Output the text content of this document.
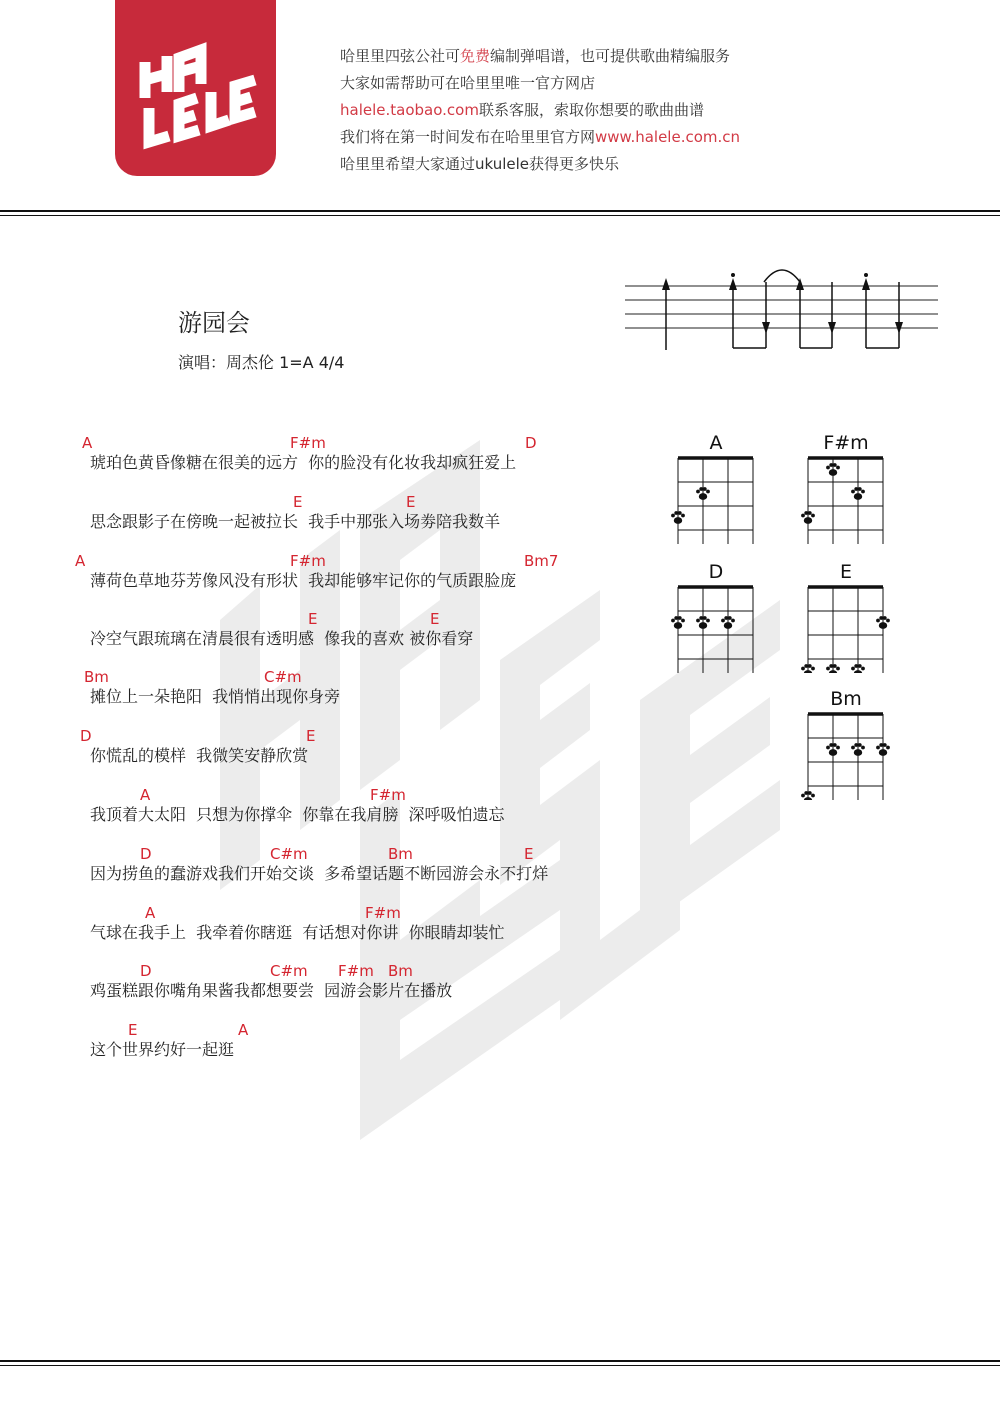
哈里里四弦公社可免费编制弹唱谱，也可提供歌曲精编服务
大家如需帮助可在哈里里唯一官方网店
halele.taobao.com联系客服，索取你想要的歌曲曲谱
我们将在第一时间发布在哈里里官方网www.halele.com.cn
哈里里希望大家通过ukulele获得更多快乐
游园会
演唱：周杰伦 1=A 4/4
A	F#m	D
琥珀色黄昏像糖在很美的远方  你的脸没有化妆我却疯狂爱上
E	E
思念跟影子在傍晚一起被拉长  我手中那张入场劵陪我数羊
A	F#m	Bm7
薄荷色草地芬芳像风没有形状  我却能够牢记你的气质跟脸庞
E	E
冷空气跟琉璃在清晨很有透明感  像我的喜欢 被你看穿
Bm	C#m
摊位上一朵艳阳  我悄悄出现你身旁
D	E
你慌乱的模样  我微笑安静欣赏
A	F#m
我顶着大太阳  只想为你撑伞  你靠在我肩膀  深呼吸怕遗忘
D	C#m	Bm	E
因为捞鱼的蠢游戏我们开始交谈  多希望话题不断园游会永不打烊
A	F#m
气球在我手上  我牵着你瞎逛  有话想对你讲  你眼睛却装忙
D	C#m F#m Bm
鸡蛋糕跟你嘴角果酱我都想要尝  园游会影片在播放
E	A
这个世界约好一起逛
A	F#m
D	E
Bm
